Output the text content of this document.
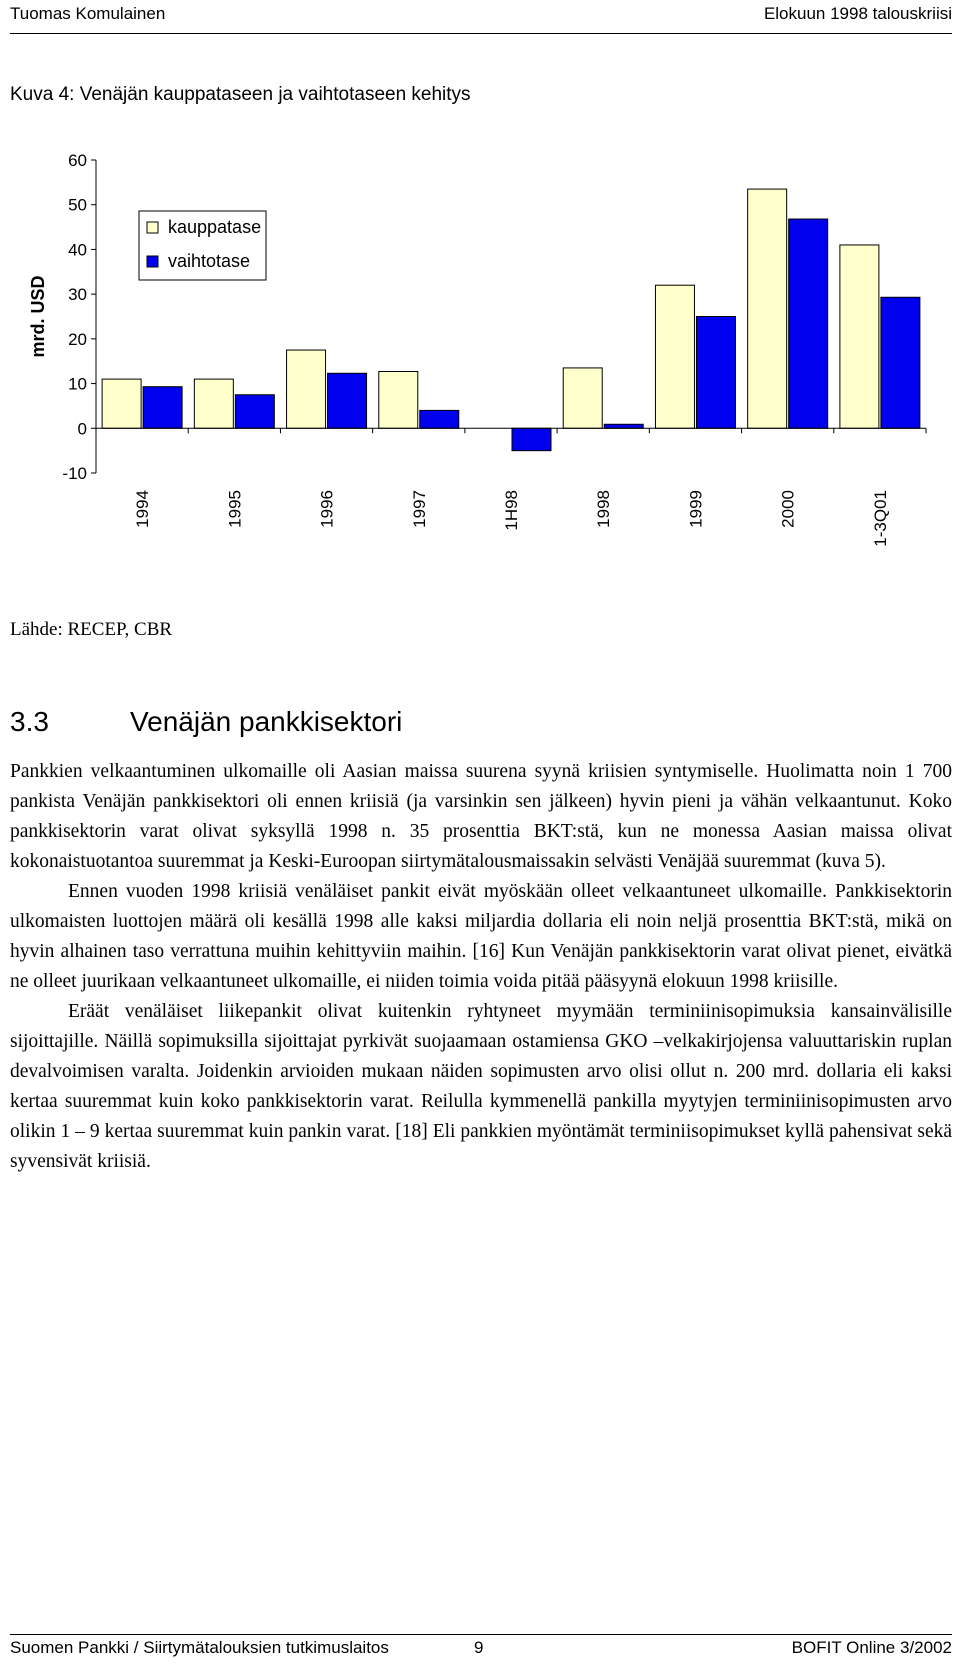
Tuomas Komulainen	Elokuun 1998 talouskriisi
Kuva 4: Venäjän kauppataseen ja vaihtotaseen kehitys
mrd. USD
-10
0
10
20
30
40
50
60
1994	1995	1996	1997	1H98	1998	1999	2000	1-3Q01
kauppatase
vaihtotase
Lähde: RECEP, CBR
3.3	Venäjän pankkisektori

Pankkien velkaantuminen ulkomaille oli Aasian maissa suurena syynä kriisien syntymiselle. Huolimatta noin 1 700 pankista Venäjän pankkisektori oli ennen kriisiä (ja varsinkin sen jälkeen) hyvin pieni ja vähän velkaantunut. Koko pankkisektorin varat olivat syksyllä 1998 n. 35 prosenttia BKT:stä, kun ne monessa Aasian maissa olivat kokonaistuotantoa suuremmat ja Keski-Euroopan siirtymätalousmaissakin selvästi Venäjää suuremmat (kuva 5).

Ennen vuoden 1998 kriisiä venäläiset pankit eivät myöskään olleet velkaantuneet ulkomaille. Pankkisektorin ulkomaisten luottojen määrä oli kesällä 1998 alle kaksi miljardia dollaria eli noin neljä prosenttia BKT:stä, mikä on hyvin alhainen taso verrattuna muihin kehittyviin maihin. [16] Kun Venäjän pankkisektorin varat olivat pienet, eivätkä ne olleet juurikaan velkaantuneet ulkomaille, ei niiden toimia voida pitää pääsyynä elokuun 1998 kriisille.

Eräät venäläiset liikepankit olivat kuitenkin ryhtyneet myymään terminiinisopimuksia kansainvälisille sijoittajille. Näillä sopimuksilla sijoittajat pyrkivät suojaamaan ostamiensa GKO –velkakirjojensa valuuttariskin ruplan devalvoimisen varalta. Joidenkin arvioiden mukaan näiden sopimusten arvo olisi ollut n. 200 mrd. dollaria eli kaksi kertaa suuremmat kuin koko pankkisektorin varat. Reilulla kymmenellä pankilla myytyjen terminiinisopimusten arvo olikin 1 – 9 kertaa suuremmat kuin pankin varat. [18] Eli pankkien myöntämät terminiisopimukset kyllä pahensivat sekä syvensivät kriisiä.

Suomen Pankki / Siirtymätalouksien tutkimuslaitos	9	BOFIT Online 3/2002
